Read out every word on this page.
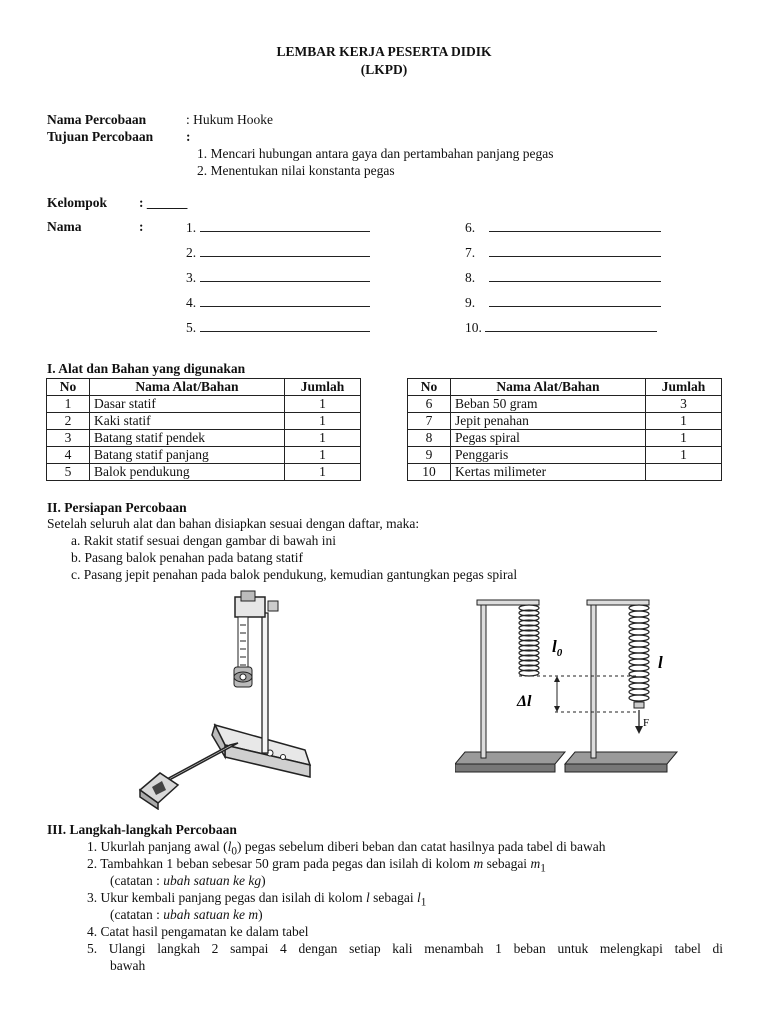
LEMBAR KERJA PESERTA DIDIK
(LKPD)
Nama Percobaan	: Hukum Hooke
Tujuan Percobaan :
1. Mencari hubungan antara gaya dan pertambahan panjang pegas
2. Menentukan nilai konstanta pegas
Kelompok : ______
Nama	:	1.
2.
3.
4.
5.
6.
7.
8.
9.
10.
I. Alat dan Bahan yang digunakan
No	Nama Alat/Bahan	Jumlah
1	Dasar statif	1
2	Kaki statif	1
3	Batang statif pendek	1
4	Batang statif panjang	1
5	Balok pendukung	1
No	Nama Alat/Bahan	Jumlah
6	Beban 50 gram	3
7	Jepit penahan	1
8	Pegas spiral	1
9	Penggaris	1
10	Kertas milimeter	
II. Persiapan Percobaan
Setelah seluruh alat dan bahan disiapkan sesuai dengan daftar, maka:
a. Rakit statif sesuai dengan gambar di bawah ini
b. Pasang balok penahan pada batang statif
c. Pasang jepit penahan pada balok pendukung, kemudian gantungkan pegas spiral
$l_0$	l
Δl
F
III. Langkah-langkah Percobaan
1. Ukurlah panjang awal $(l_0)$ pegas sebelum diberi beban dan catat hasilnya pada tabel di bawah
2. Tambahkan 1 beban sebesar 50 gram pada pegas dan isilah di kolom m sebagai $m_1$
(catatan : ubah satuan ke kg)
3. Ukur kembali panjang pegas dan isilah di kolom l sebagai $l_1$
(catatan : ubah satuan ke m)
4. Catat hasil pengamatan ke dalam tabel
5. Ulangi langkah 2 sampai 4 dengan setiap kali menambah 1 beban untuk melengkapi tabel di
bawah
